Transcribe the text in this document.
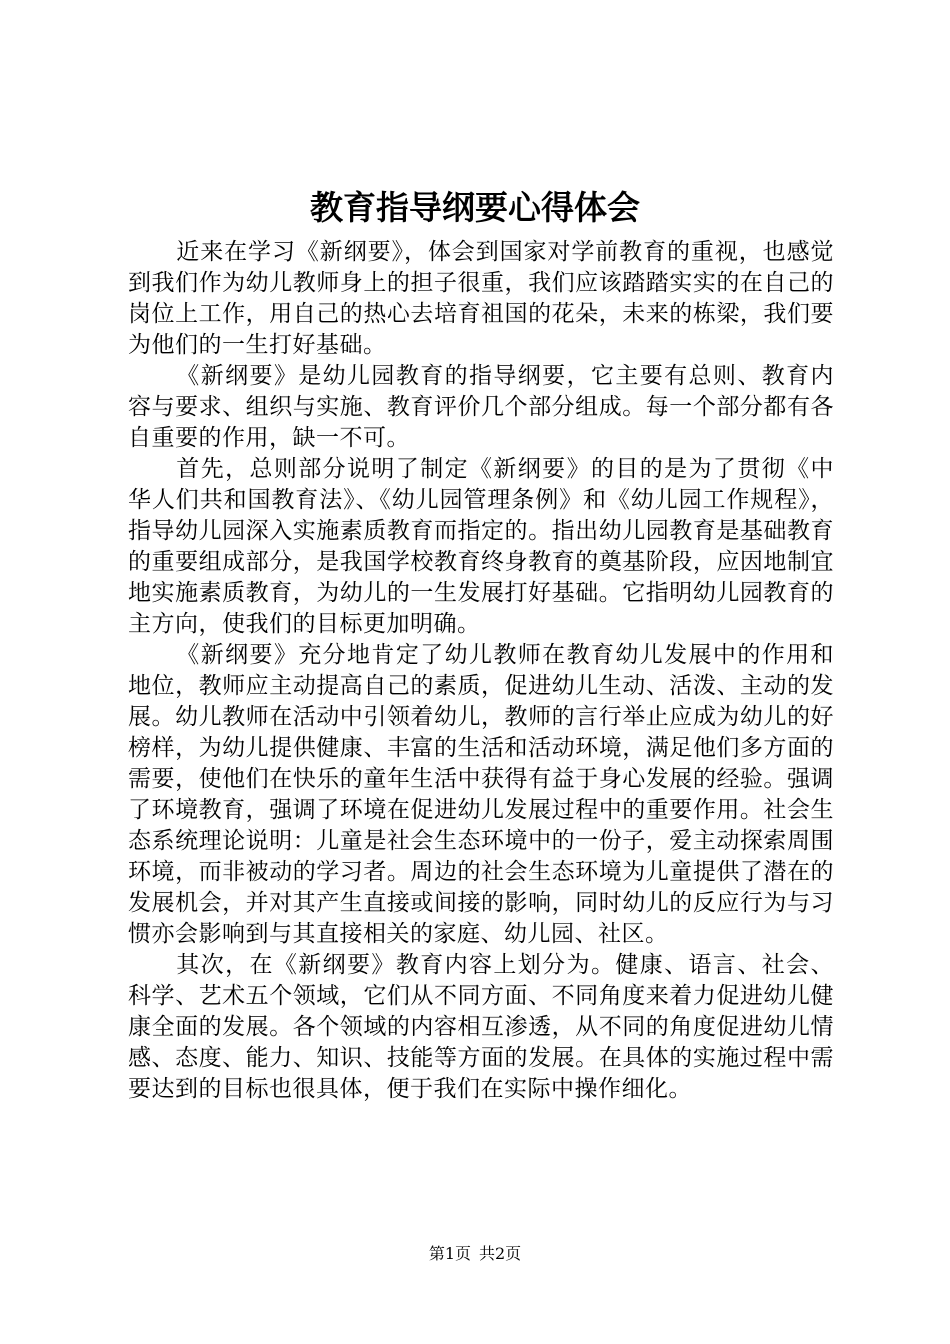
教育指导纲要心得体会

近来在学习《新纲要》，体会到国家对学前教育的重视，也感觉到我们作为幼儿教师身上的担子很重，我们应该踏踏实实的在自己的岗位上工作，用自己的热心去培育祖国的花朵，未来的栋梁，我们要为他们的一生打好基础。

《新纲要》是幼儿园教育的指导纲要，它主要有总则、教育内容与要求、组织与实施、教育评价几个部分组成。每一个部分都有各自重要的作用，缺一不可。

首先，总则部分说明了制定《新纲要》的目的是为了贯彻《中华人们共和国教育法》、《幼儿园管理条例》和《幼儿园工作规程》，指导幼儿园深入实施素质教育而指定的。指出幼儿园教育是基础教育的重要组成部分，是我国学校教育终身教育的奠基阶段，应因地制宜地实施素质教育，为幼儿的一生发展打好基础。它指明幼儿园教育的主方向，使我们的目标更加明确。

《新纲要》充分地肯定了幼儿教师在教育幼儿发展中的作用和地位，教师应主动提高自己的素质，促进幼儿生动、活泼、主动的发展。幼儿教师在活动中引领着幼儿，教师的言行举止应成为幼儿的好榜样，为幼儿提供健康、丰富的生活和活动环境，满足他们多方面的需要，使他们在快乐的童年生活中获得有益于身心发展的经验。强调了环境教育，强调了环境在促进幼儿发展过程中的重要作用。社会生态系统理论说明：儿童是社会生态环境中的一份子，爱主动探索周围环境，而非被动的学习者。周边的社会生态环境为儿童提供了潜在的发展机会，并对其产生直接或间接的影响，同时幼儿的反应行为与习惯亦会影响到与其直接相关的家庭、幼儿园、社区。

其次，在《新纲要》教育内容上划分为。健康、语言、社会、科学、艺术五个领域，它们从不同方面、不同角度来着力促进幼儿健康全面的发展。各个领域的内容相互渗透，从不同的角度促进幼儿情感、态度、能力、知识、技能等方面的发展。在具体的实施过程中需要达到的目标也很具体，便于我们在实际中操作细化。

第1页 共2页
